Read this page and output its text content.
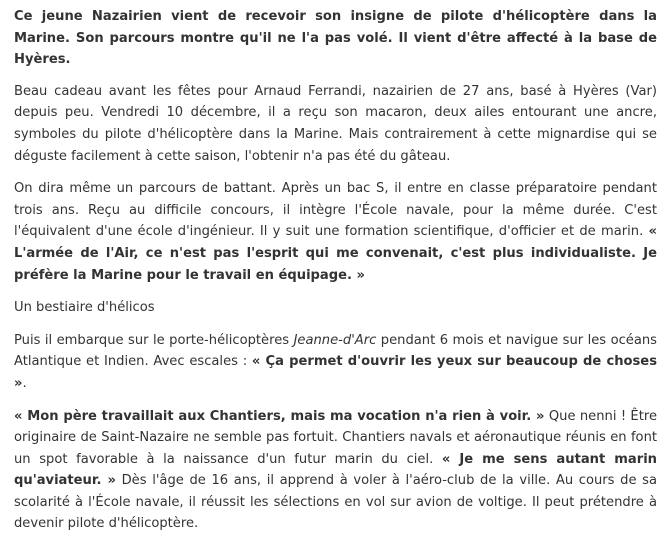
Ce jeune Nazairien vient de recevoir son insigne de pilote d'hélicoptère dans la Marine. Son parcours montre qu'il ne l'a pas volé. Il vient d'être affecté à la base de Hyères.

Beau cadeau avant les fêtes pour Arnaud Ferrandi, nazairien de 27 ans, basé à Hyères (Var) depuis peu. Vendredi 10 décembre, il a reçu son macaron, deux ailes entourant une ancre, symboles du pilote d'hélicoptère dans la Marine. Mais contrairement à cette mignardise qui se déguste facilement à cette saison, l'obtenir n'a pas été du gâteau.

On dira même un parcours de battant. Après un bac S, il entre en classe préparatoire pendant trois ans. Reçu au difficile concours, il intègre l'École navale, pour la même durée. C'est l'équivalent d'une école d'ingénieur. Il y suit une formation scientifique, d'officier et de marin. « L'armée de l'Air, ce n'est pas l'esprit qui me convenait, c'est plus individualiste. Je préfère la Marine pour le travail en équipage. »

Un bestiaire d'hélicos

Puis il embarque sur le porte-hélicoptères Jeanne-d'Arc pendant 6 mois et navigue sur les océans Atlantique et Indien. Avec escales : « Ça permet d'ouvrir les yeux sur beaucoup de choses ».

« Mon père travaillait aux Chantiers, mais ma vocation n'a rien à voir. » Que nenni ! Être originaire de Saint-Nazaire ne semble pas fortuit. Chantiers navals et aéronautique réunis en font un spot favorable à la naissance d'un futur marin du ciel. « Je me sens autant marin qu'aviateur. » Dès l'âge de 16 ans, il apprend à voler à l'aéro-club de la ville. Au cours de sa scolarité à l'École navale, il réussit les sélections en vol sur avion de voltige. Il peut prétendre à devenir pilote d'hélicoptère.
